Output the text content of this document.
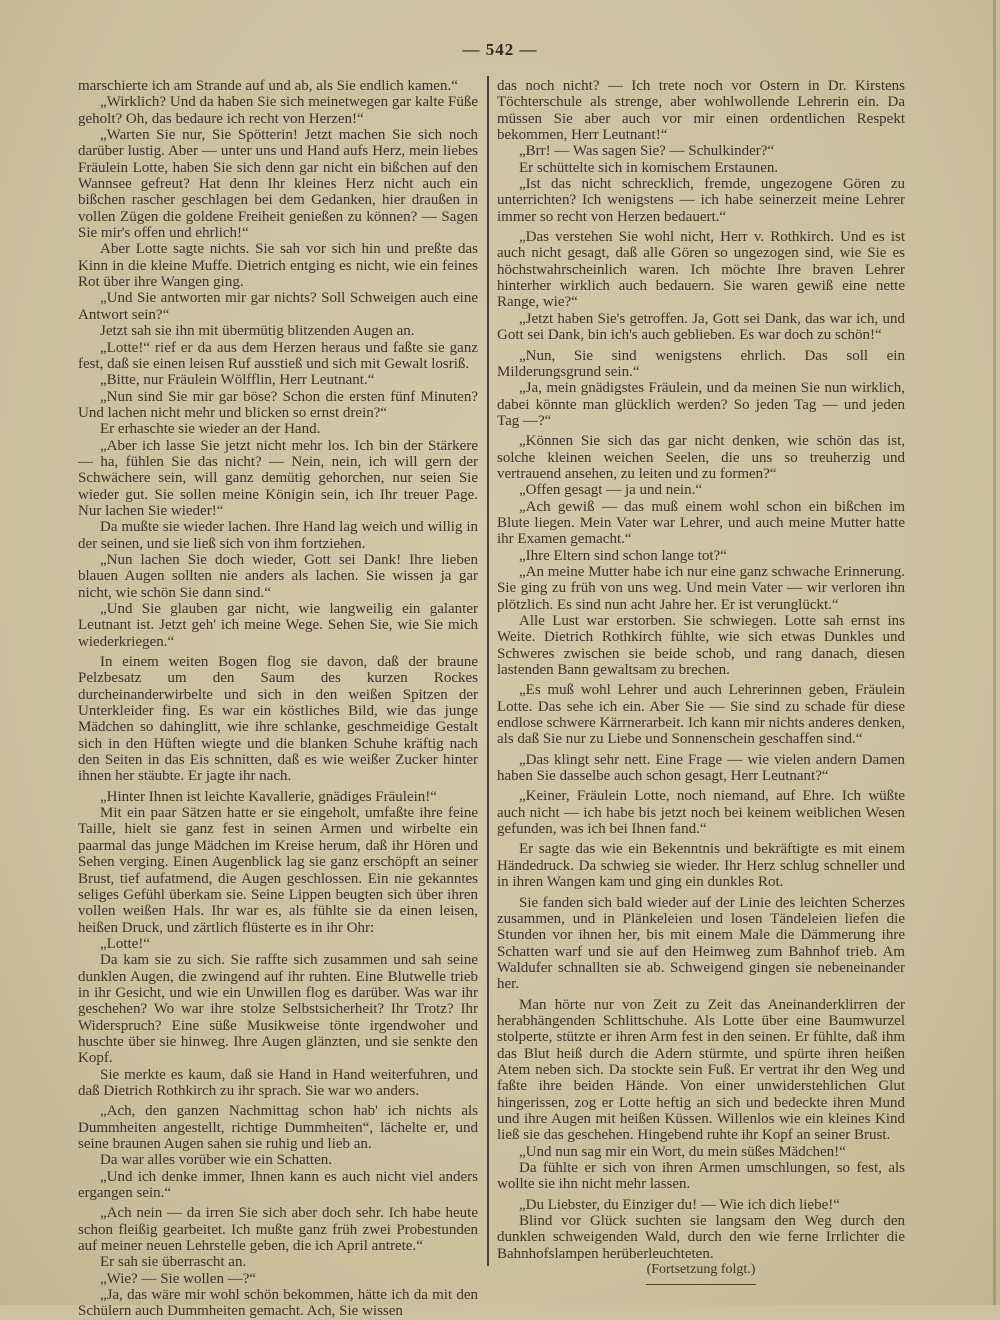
— 542 —

marschierte ich am Strande auf und ab, als Sie endlich kamen.“

„Wirklich? Und da haben Sie sich meinetwegen gar kalte Füße geholt? Oh, das bedaure ich recht von Herzen!“

„Warten Sie nur, Sie Spötterin! Jetzt machen Sie sich noch darüber lustig. Aber — unter uns und Hand aufs Herz, mein liebes Fräulein Lotte, haben Sie sich denn gar nicht ein bißchen auf den Wannsee gefreut? Hat denn Ihr kleines Herz nicht auch ein bißchen rascher geschlagen bei dem Gedanken, hier draußen in vollen Zügen die goldene Freiheit genießen zu können? — Sagen Sie mir's offen und ehrlich!“

Aber Lotte sagte nichts. Sie sah vor sich hin und preßte das Kinn in die kleine Muffe. Dietrich entging es nicht, wie ein feines Rot über ihre Wangen ging.

„Und Sie antworten mir gar nichts? Soll Schweigen auch eine Antwort sein?“

Jetzt sah sie ihn mit übermütig blitzenden Augen an.

„Lotte!“ rief er da aus dem Herzen heraus und faßte sie ganz fest, daß sie einen leisen Ruf ausstieß und sich mit Gewalt losriß.

„Bitte, nur Fräulein Wölfflin, Herr Leutnant.“

„Nun sind Sie mir gar böse? Schon die ersten fünf Minuten? Und lachen nicht mehr und blicken so ernst drein?“

Er erhaschte sie wieder an der Hand.

„Aber ich lasse Sie jetzt nicht mehr los. Ich bin der Stärkere — ha, fühlen Sie das nicht? — Nein, nein, ich will gern der Schwächere sein, will ganz demütig gehorchen, nur seien Sie wieder gut. Sie sollen meine Königin sein, ich Ihr treuer Page. Nur lachen Sie wieder!“

Da mußte sie wieder lachen. Ihre Hand lag weich und willig in der seinen, und sie ließ sich von ihm fortziehen.

„Nun lachen Sie doch wieder, Gott sei Dank! Ihre lieben blauen Augen sollten nie anders als lachen. Sie wissen ja gar nicht, wie schön Sie dann sind.“

„Und Sie glauben gar nicht, wie langweilig ein galanter Leutnant ist. Jetzt geh' ich meine Wege. Sehen Sie, wie Sie mich wiederkriegen.“

In einem weiten Bogen flog sie davon, daß der braune Pelzbesatz um den Saum des kurzen Rockes durcheinanderwirbelte und sich in den weißen Spitzen der Unterkleider fing. Es war ein köstliches Bild, wie das junge Mädchen so dahinglitt, wie ihre schlanke, geschmeidige Gestalt sich in den Hüften wiegte und die blanken Schuhe kräftig nach den Seiten in das Eis schnitten, daß es wie weißer Zucker hinter ihnen her stäubte. Er jagte ihr nach.

„Hinter Ihnen ist leichte Kavallerie, gnädiges Fräulein!“

Mit ein paar Sätzen hatte er sie eingeholt, umfaßte ihre feine Taille, hielt sie ganz fest in seinen Armen und wirbelte ein paarmal das junge Mädchen im Kreise herum, daß ihr Hören und Sehen verging. Einen Augenblick lag sie ganz erschöpft an seiner Brust, tief aufatmend, die Augen geschlossen. Ein nie gekanntes seliges Gefühl überkam sie. Seine Lippen beugten sich über ihren vollen weißen Hals. Ihr war es, als fühlte sie da einen leisen, heißen Druck, und zärtlich flüsterte es in ihr Ohr:

„Lotte!“

Da kam sie zu sich. Sie raffte sich zusammen und sah seine dunklen Augen, die zwingend auf ihr ruhten. Eine Blutwelle trieb in ihr Gesicht, und wie ein Unwillen flog es darüber. Was war ihr geschehen? Wo war ihre stolze Selbstsicherheit? Ihr Trotz? Ihr Widerspruch? Eine süße Musikweise tönte irgendwoher und huschte über sie hinweg. Ihre Augen glänzten, und sie senkte den Kopf.

Sie merkte es kaum, daß sie Hand in Hand weiterfuhren, und daß Dietrich Rothkirch zu ihr sprach. Sie war wo anders.

„Ach, den ganzen Nachmittag schon hab' ich nichts als Dummheiten angestellt, richtige Dummheiten“, lächelte er, und seine braunen Augen sahen sie ruhig und lieb an.

Da war alles vorüber wie ein Schatten.

„Und ich denke immer, Ihnen kann es auch nicht viel anders ergangen sein.“

„Ach nein — da irren Sie sich aber doch sehr. Ich habe heute schon fleißig gearbeitet. Ich mußte ganz früh zwei Probestunden auf meiner neuen Lehrstelle geben, die ich April antrete.“

Er sah sie überrascht an.

„Wie? — Sie wollen —?“

„Ja, das wäre mir wohl schön bekommen, hätte ich da mit den Schülern auch Dummheiten gemacht. Ach, Sie wissen

das noch nicht? — Ich trete noch vor Ostern in Dr. Kirstens Töchterschule als strenge, aber wohlwollende Lehrerin ein. Da müssen Sie aber auch vor mir einen ordentlichen Respekt bekommen, Herr Leutnant!“

„Brr! — Was sagen Sie? — Schulkinder?“

Er schüttelte sich in komischem Erstaunen.

„Ist das nicht schrecklich, fremde, ungezogene Gören zu unterrichten? Ich wenigstens — ich habe seinerzeit meine Lehrer immer so recht von Herzen bedauert.“

„Das verstehen Sie wohl nicht, Herr v. Rothkirch. Und es ist auch nicht gesagt, daß alle Gören so ungezogen sind, wie Sie es höchstwahrscheinlich waren. Ich möchte Ihre braven Lehrer hinterher wirklich auch bedauern. Sie waren gewiß eine nette Range, wie?“

„Jetzt haben Sie's getroffen. Ja, Gott sei Dank, das war ich, und Gott sei Dank, bin ich's auch geblieben. Es war doch zu schön!“

„Nun, Sie sind wenigstens ehrlich. Das soll ein Milderungsgrund sein.“

„Ja, mein gnädigstes Fräulein, und da meinen Sie nun wirklich, dabei könnte man glücklich werden? So jeden Tag — und jeden Tag —?“

„Können Sie sich das gar nicht denken, wie schön das ist, solche kleinen weichen Seelen, die uns so treuherzig und vertrauend ansehen, zu leiten und zu formen?“

„Offen gesagt — ja und nein.“

„Ach gewiß — das muß einem wohl schon ein bißchen im Blute liegen. Mein Vater war Lehrer, und auch meine Mutter hatte ihr Examen gemacht.“

„Ihre Eltern sind schon lange tot?“

„An meine Mutter habe ich nur eine ganz schwache Erinnerung. Sie ging zu früh von uns weg. Und mein Vater — wir verloren ihn plötzlich. Es sind nun acht Jahre her. Er ist verunglückt.“

Alle Lust war erstorben. Sie schwiegen. Lotte sah ernst ins Weite. Dietrich Rothkirch fühlte, wie sich etwas Dunkles und Schweres zwischen sie beide schob, und rang danach, diesen lastenden Bann gewaltsam zu brechen.

„Es muß wohl Lehrer und auch Lehrerinnen geben, Fräulein Lotte. Das sehe ich ein. Aber Sie — Sie sind zu schade für diese endlose schwere Kärrnerarbeit. Ich kann mir nichts anderes denken, als daß Sie nur zu Liebe und Sonnenschein geschaffen sind.“

„Das klingt sehr nett. Eine Frage — wie vielen andern Damen haben Sie dasselbe auch schon gesagt, Herr Leutnant?“

„Keiner, Fräulein Lotte, noch niemand, auf Ehre. Ich wüßte auch nicht — ich habe bis jetzt noch bei keinem weiblichen Wesen gefunden, was ich bei Ihnen fand.“

Er sagte das wie ein Bekenntnis und bekräftigte es mit einem Händedruck. Da schwieg sie wieder. Ihr Herz schlug schneller und in ihren Wangen kam und ging ein dunkles Rot.

Sie fanden sich bald wieder auf der Linie des leichten Scherzes zusammen, und in Plänkeleien und losen Tändeleien liefen die Stunden vor ihnen her, bis mit einem Male die Dämmerung ihre Schatten warf und sie auf den Heimweg zum Bahnhof trieb. Am Waldufer schnallten sie ab. Schweigend gingen sie nebeneinander her.

Man hörte nur von Zeit zu Zeit das Aneinanderklirren der herabhängenden Schlittschuhe. Als Lotte über eine Baumwurzel stolperte, stützte er ihren Arm fest in den seinen. Er fühlte, daß ihm das Blut heiß durch die Adern stürmte, und spürte ihren heißen Atem neben sich. Da stockte sein Fuß. Er vertrat ihr den Weg und faßte ihre beiden Hände. Von einer unwiderstehlichen Glut hingerissen, zog er Lotte heftig an sich und bedeckte ihren Mund und ihre Augen mit heißen Küssen. Willenlos wie ein kleines Kind ließ sie das geschehen. Hingebend ruhte ihr Kopf an seiner Brust.

„Und nun sag mir ein Wort, du mein süßes Mädchen!“

Da fühlte er sich von ihren Armen umschlungen, so fest, als wollte sie ihn nicht mehr lassen.

„Du Liebster, du Einziger du! — Wie ich dich liebe!“

Blind vor Glück suchten sie langsam den Weg durch den dunklen schweigenden Wald, durch den wie ferne Irrlichter die Bahnhofslampen herüberleuchteten.

(Fortsetzung folgt.)
